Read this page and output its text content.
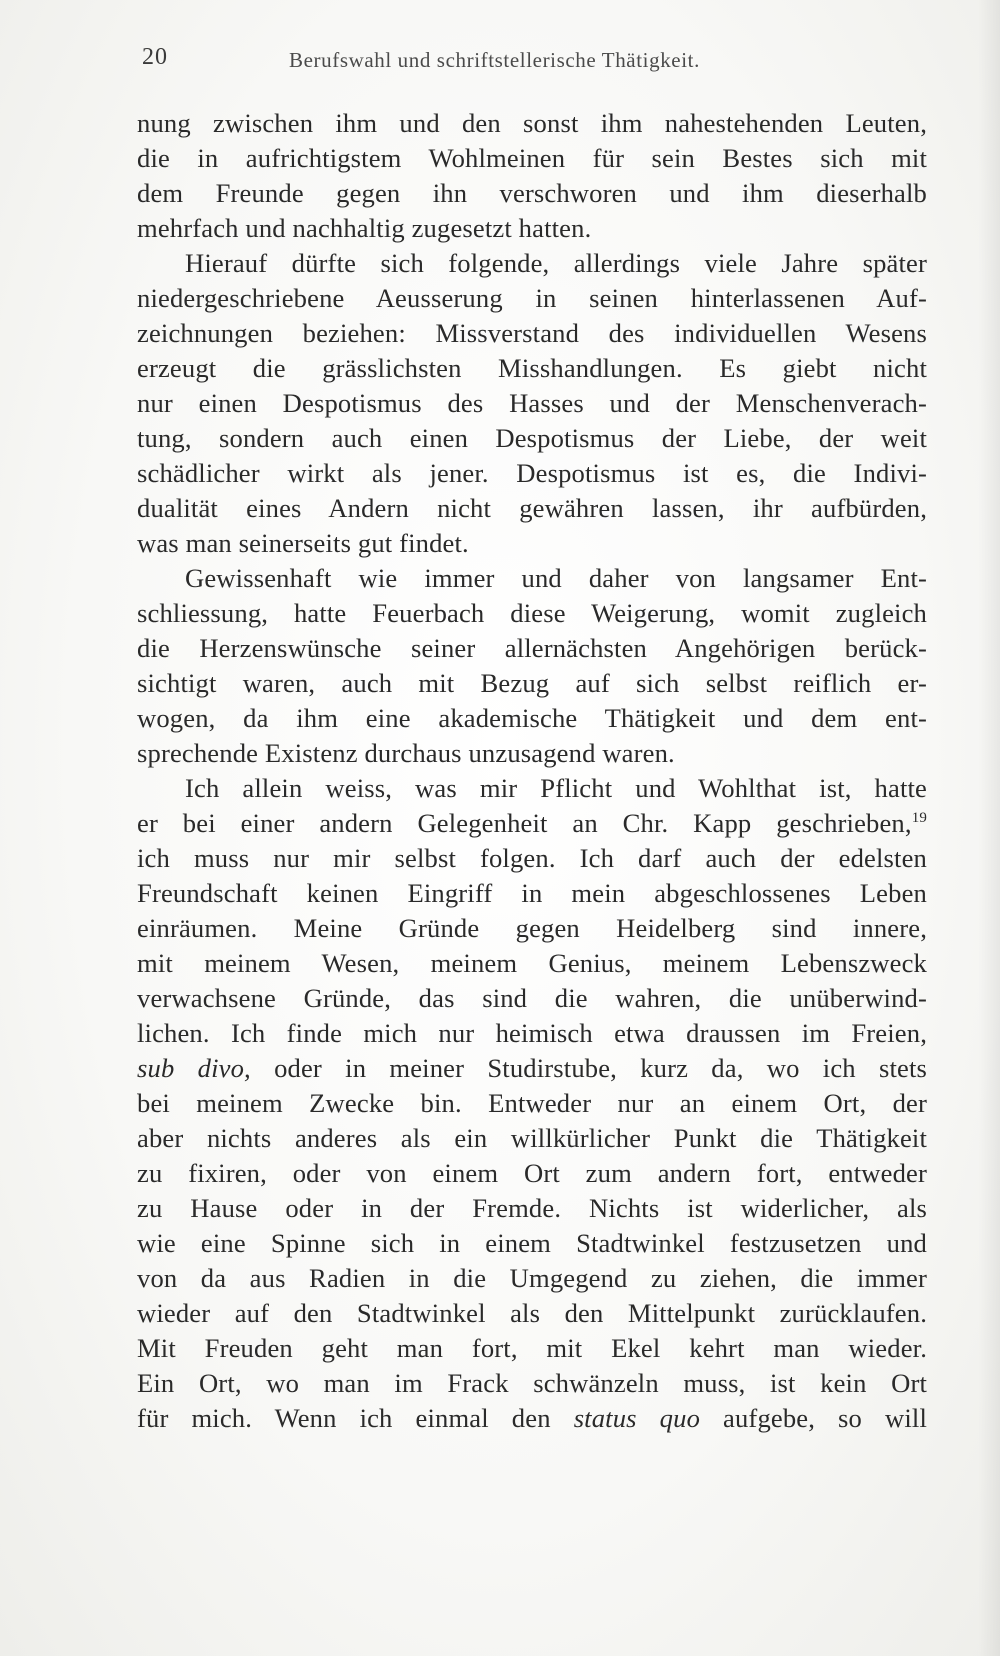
20	Berufswahl und schriftstellerische Thätigkeit.
nung zwischen ihm und den sonst ihm nahestehenden Leuten,
die in aufrichtigstem Wohlmeinen für sein Bestes sich mit
dem Freunde gegen ihn verschworen und ihm dieserhalb
mehrfach und nachhaltig zugesetzt hatten.
Hierauf dürfte sich folgende, allerdings viele Jahre später
niedergeschriebene Aeusserung in seinen hinterlassenen Auf-
zeichnungen beziehen: Missverstand des individuellen Wesens
erzeugt die grässlichsten Misshandlungen. Es giebt nicht
nur einen Despotismus des Hasses und der Menschenverach-
tung, sondern auch einen Despotismus der Liebe, der weit
schädlicher wirkt als jener. Despotismus ist es, die Indivi-
dualität eines Andern nicht gewähren lassen, ihr aufbürden,
was man seinerseits gut findet.
Gewissenhaft wie immer und daher von langsamer Ent-
schliessung, hatte Feuerbach diese Weigerung, womit zugleich
die Herzenswünsche seiner allernächsten Angehörigen berück-
sichtigt waren, auch mit Bezug auf sich selbst reiflich er-
wogen, da ihm eine akademische Thätigkeit und dem ent-
sprechende Existenz durchaus unzusagend waren.
Ich allein weiss, was mir Pflicht und Wohlthat ist, hatte
er bei einer andern Gelegenheit an Chr. Kapp geschrieben,$^{19}$
ich muss nur mir selbst folgen. Ich darf auch der edelsten
Freundschaft keinen Eingriff in mein abgeschlossenes Leben
einräumen. Meine Gründe gegen Heidelberg sind innere,
mit meinem Wesen, meinem Genius, meinem Lebenszweck
verwachsene Gründe, das sind die wahren, die unüberwind-
lichen. Ich finde mich nur heimisch etwa draussen im Freien,
sub divo, oder in meiner Studirstube, kurz da, wo ich stets
bei meinem Zwecke bin. Entweder nur an einem Ort, der
aber nichts anderes als ein willkürlicher Punkt die Thätigkeit
zu fixiren, oder von einem Ort zum andern fort, entweder
zu Hause oder in der Fremde. Nichts ist widerlicher, als
wie eine Spinne sich in einem Stadtwinkel festzusetzen und
von da aus Radien in die Umgegend zu ziehen, die immer
wieder auf den Stadtwinkel als den Mittelpunkt zurücklaufen.
Mit Freuden geht man fort, mit Ekel kehrt man wieder.
Ein Ort, wo man im Frack schwänzeln muss, ist kein Ort
für mich. Wenn ich einmal den status quo aufgebe, so will
